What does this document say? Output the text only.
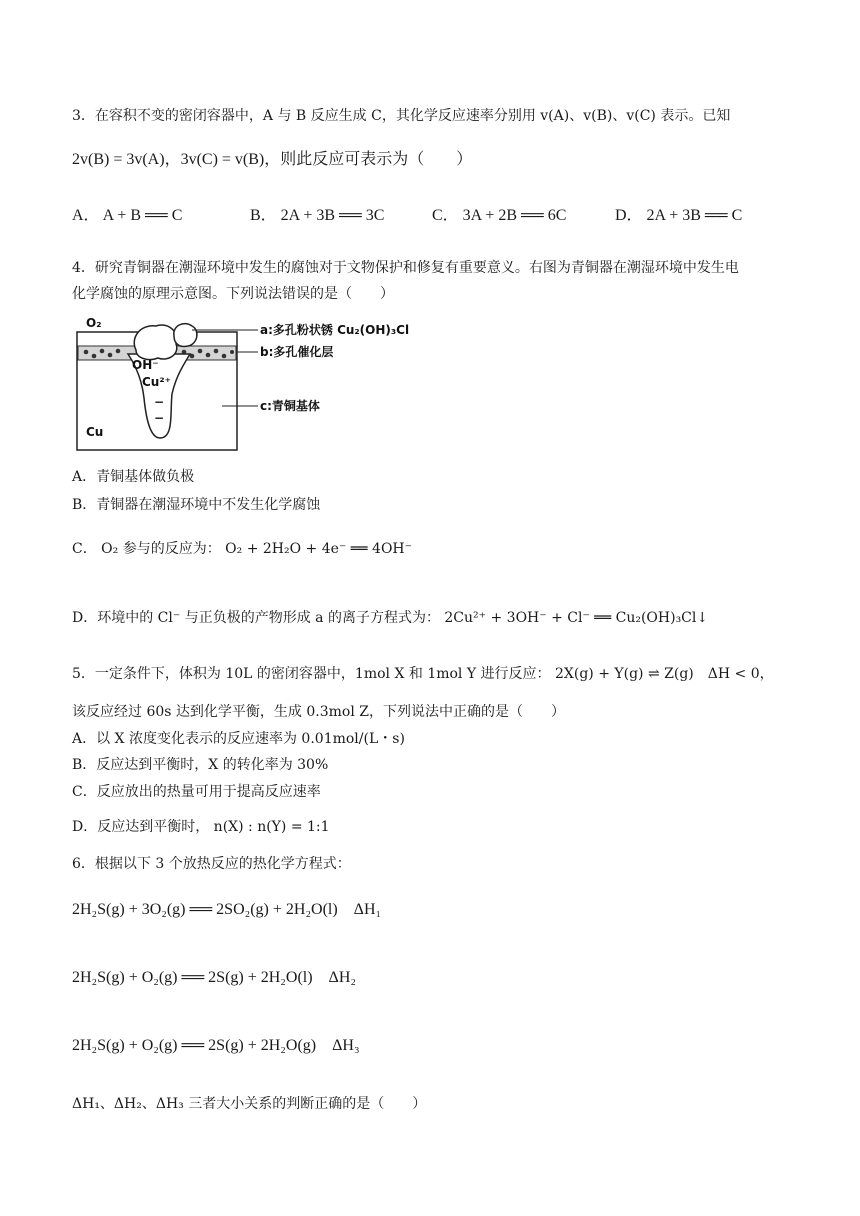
3．在容积不变的密闭容器中，A 与 B 反应生成 C，其化学反应速率分别用 v(A)、v(B)、v(C) 表示。已知
2v(B) = 3v(A)，3v(C) = v(B)，则此反应可表示为（　　）
A． A + B ══ C	B． 2A + 3B ══ 3C	C． 3A + 2B ══ 6C	D． 2A + 3B ══ C
4．研究青铜器在潮湿环境中发生的腐蚀对于文物保护和修复有重要意义。右图为青铜器在潮湿环境中发生电
化学腐蚀的原理示意图。下列说法错误的是（　　）
O₂
OH⁻
Cu²⁺
−
−
Cu
a:多孔粉状锈 Cu₂(OH)₃Cl
b:多孔催化层
c:青铜基体
A．青铜基体做负极
B．青铜器在潮湿环境中不发生化学腐蚀
C． O₂ 参与的反应为： O₂ + 2H₂O + 4e⁻ ══ 4OH⁻
D．环境中的 Cl⁻ 与正负极的产物形成 a 的离子方程式为： 2Cu²⁺ + 3OH⁻ + Cl⁻ ══ Cu₂(OH)₃Cl↓
5．一定条件下，体积为 10L 的密闭容器中，1mol X 和 1mol Y 进行反应： 2X(g) + Y(g) ⇌ Z(g)　ΔH < 0，
该反应经过 60s 达到化学平衡，生成 0.3mol Z，下列说法中正确的是（　　）
A．以 X 浓度变化表示的反应速率为 0.01mol/(L・s)
B．反应达到平衡时，X 的转化率为 30%
C．反应放出的热量可用于提高反应速率
D．反应达到平衡时， n(X) : n(Y) = 1:1
6．根据以下 3 个放热反应的热化学方程式：
2H₂S(g) + 3O₂(g) ══ 2SO₂(g) + 2H₂O(l)　ΔH₁
2H₂S(g) + O₂(g) ══ 2S(g) + 2H₂O(l)　ΔH₂
2H₂S(g) + O₂(g) ══ 2S(g) + 2H₂O(g)　ΔH₃
ΔH₁、ΔH₂、ΔH₃ 三者大小关系的判断正确的是（　　）
